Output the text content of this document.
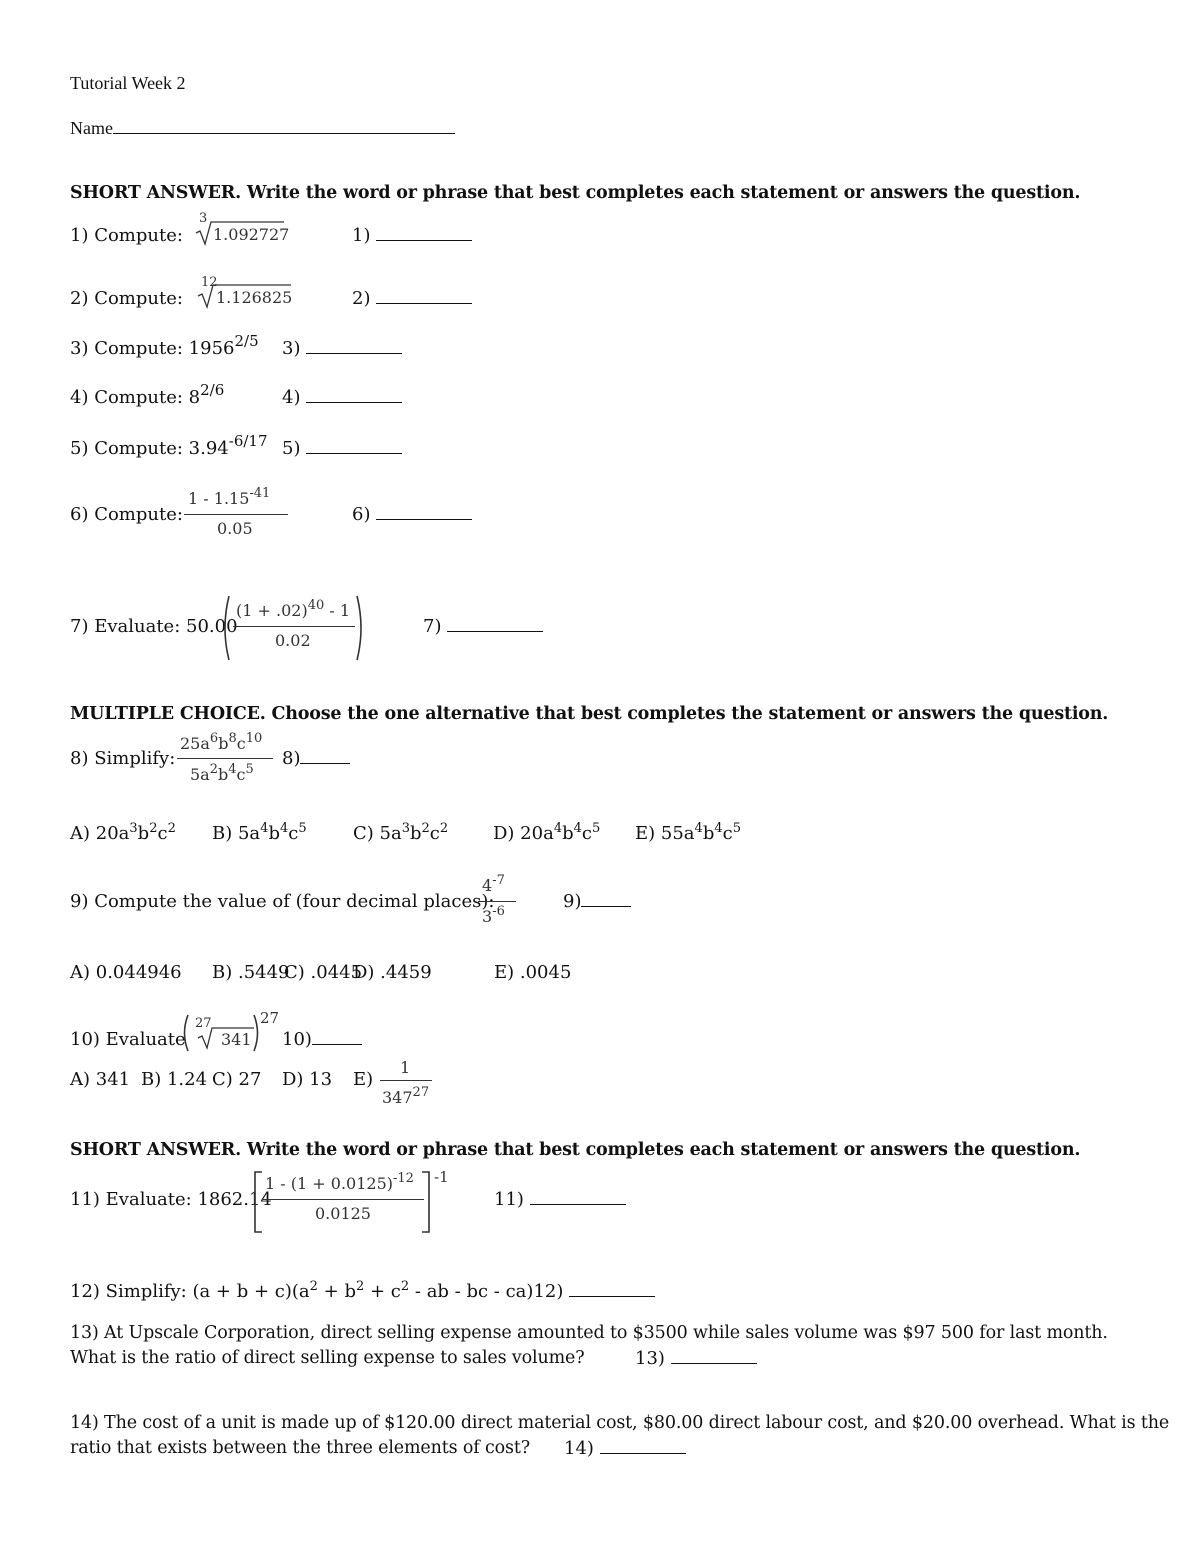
Tutorial Week 2
Name
SHORT ANSWER. Write the word or phrase that best completes each statement or answers the question.
1) Compute:
3
1.092727	1)
2) Compute:
12
1.126825	2)
3) Compute: $1956^{2/5}$ 3)
4) Compute: $8^{2/6}$	4)
5) Compute: $3.94^{-6/17}$ 5)
6) Compute:
$1 - 1.15^{-41}$
0.05
6)
7) Evaluate: 50.00
$(1 + .02)^{40} - 1$
0.02
7)
MULTIPLE CHOICE. Choose the one alternative that best completes the statement or answers the question.
8) Simplify:
$25a^6b^8c^{10}$
$5a^2b^4c^5$
8)
A) $20a^3b^2c^2$ B) $5a^4b^4c^5$	C) $5a^3b^2c^2$ D) $20a^4b^4c^5$ E) $55a^4b^4c^5$
9) Compute the value of (four decimal places):
$4^{-7}$
$3^{-6}$	9)
A) 0.044946 B) .5449
C) .0445
D) .4459	E) .0045
10) Evaluate
27
341
27
10)
A) 341 B) 1.24 C) 27 D) 13 E)
1
$347^{27}$
SHORT ANSWER. Write the word or phrase that best completes each statement or answers the question.
11) Evaluate: 1862.14
$1 - (1 + 0.0125)^{-12}$
0.0125
-1
11)
12) Simplify: $(a + b + c)(a^2 + b^2 + c^2$ - ab - bc - ca)12)
13) At Upscale Corporation, direct selling expense amounted to $3500 while sales volume was $97 500 for last month.
What is the ratio of direct selling expense to sales volume?	13)
14) The cost of a unit is made up of $120.00 direct material cost, $80.00 direct labour cost, and $20.00 overhead. What is the
ratio that exists between the three elements of cost? 14)
